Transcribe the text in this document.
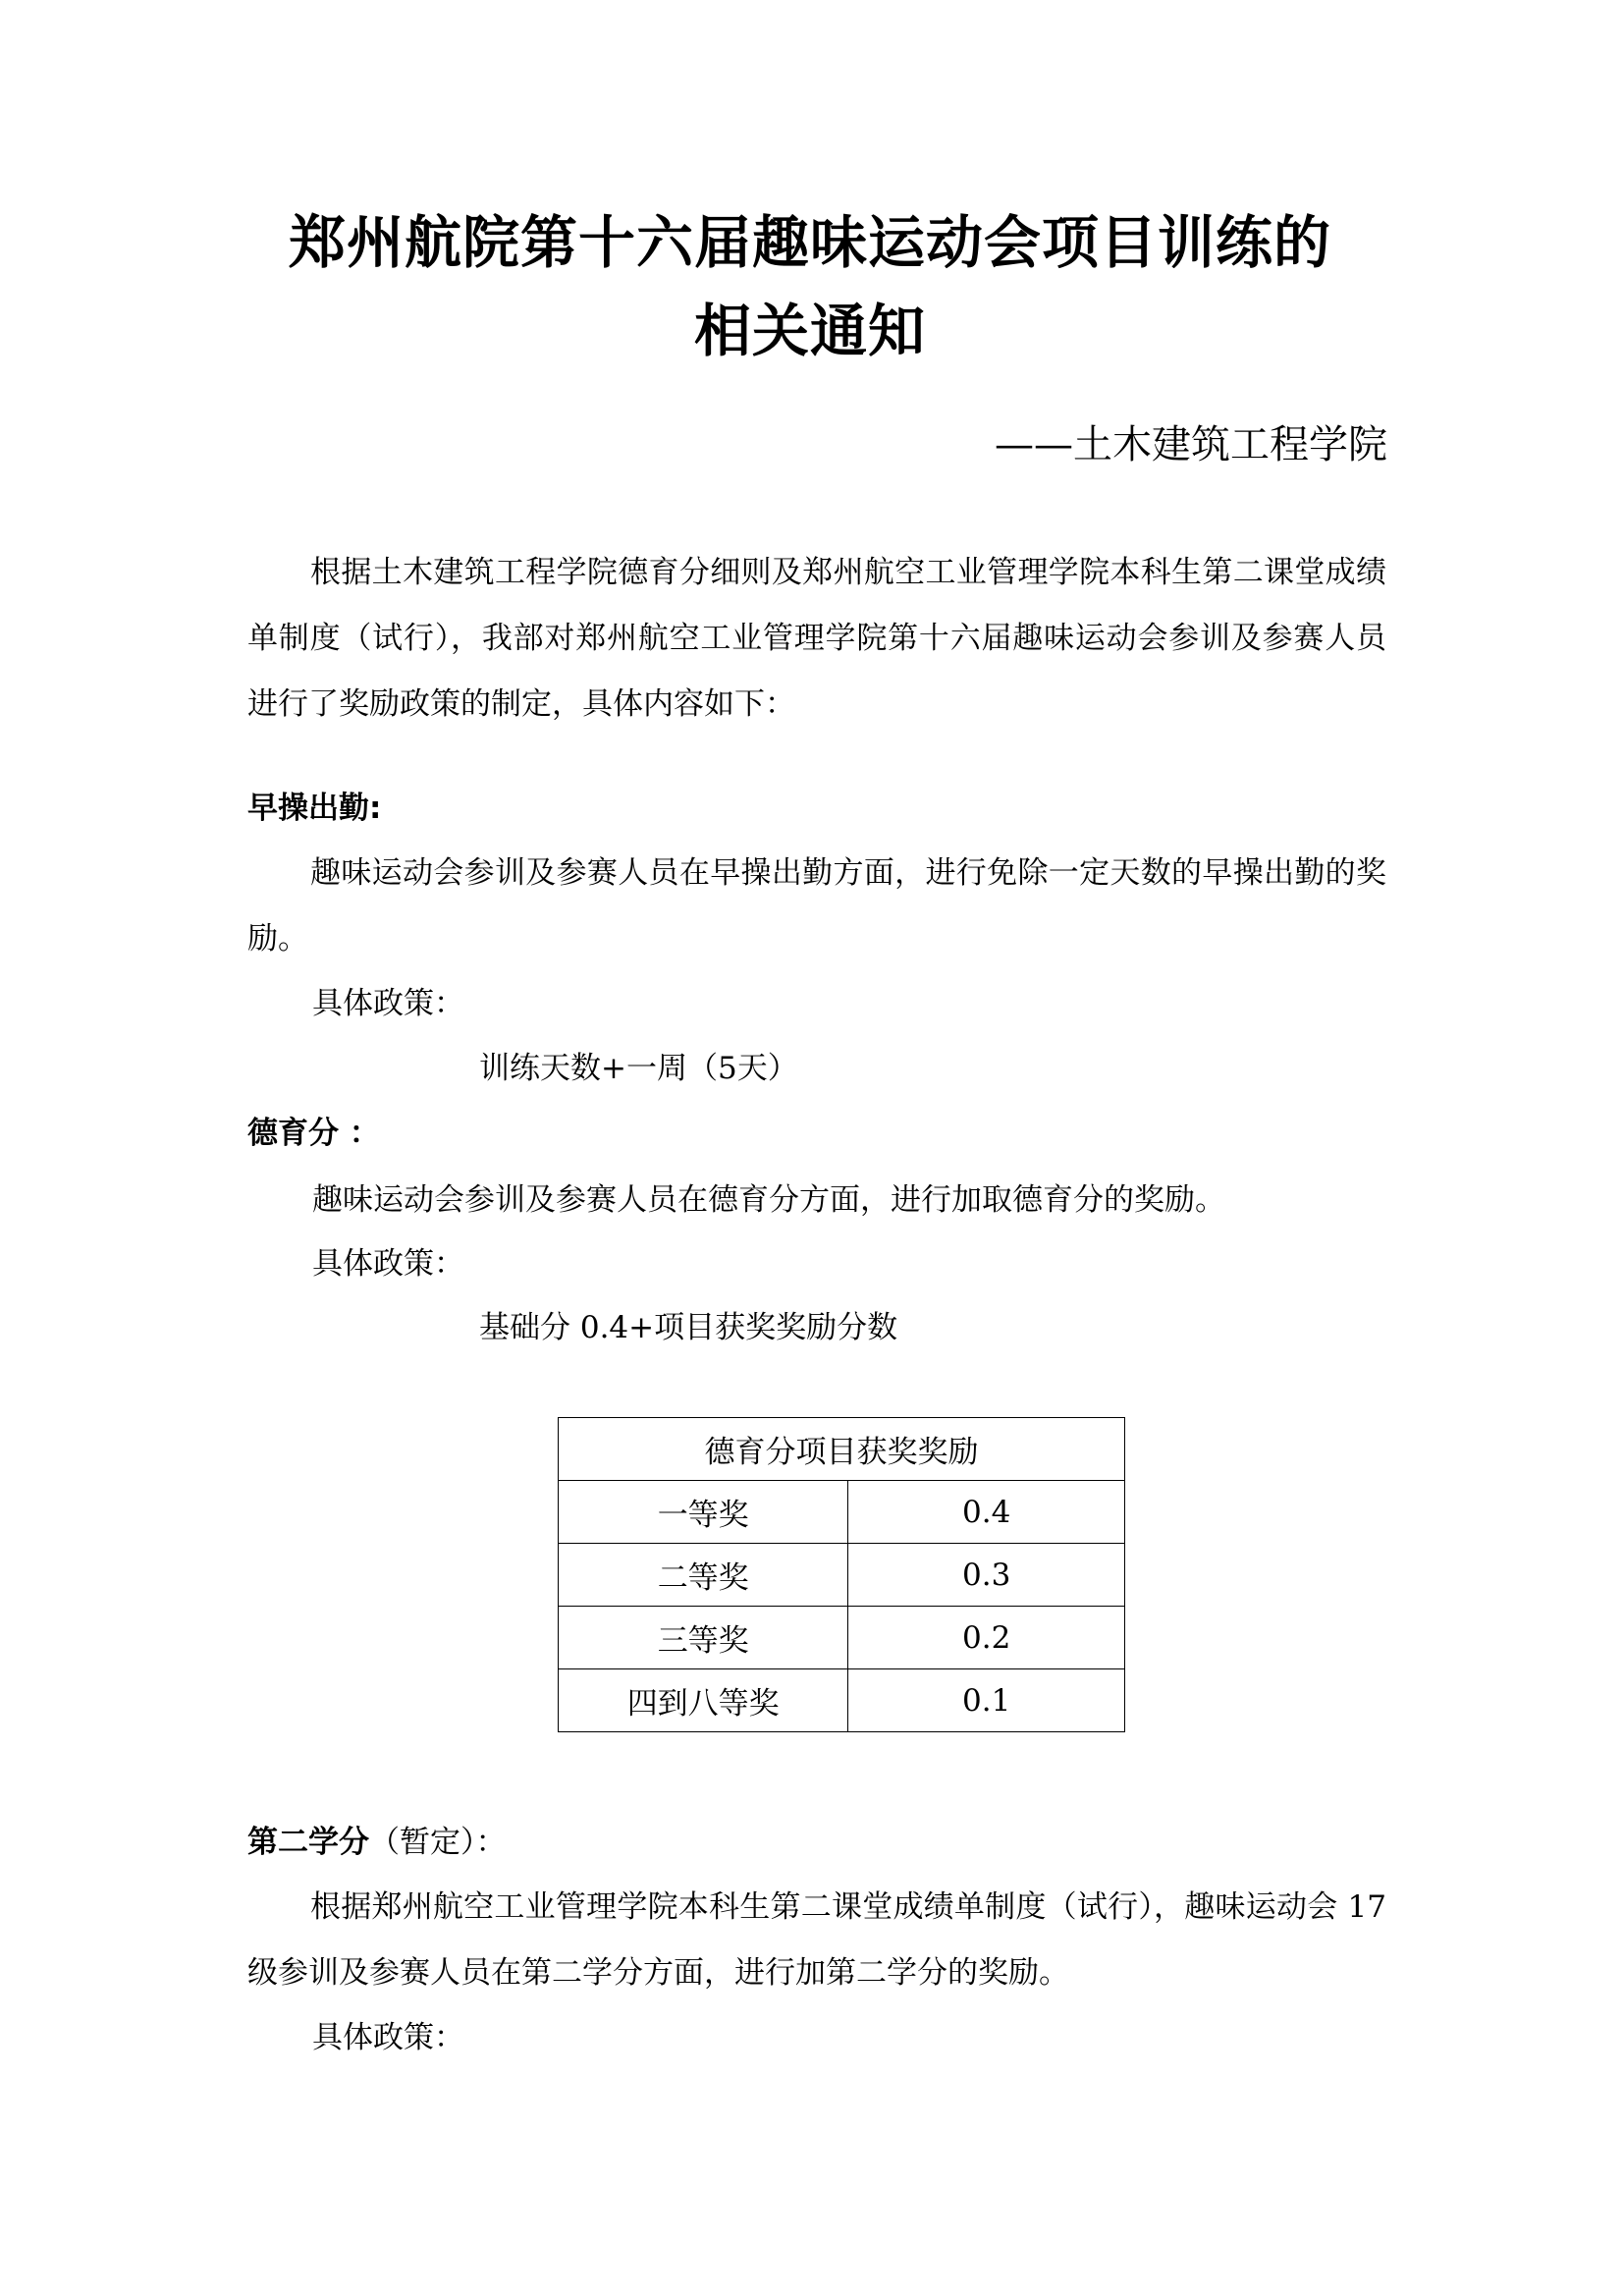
郑州航院第十六届趣味运动会项目训练的
相关通知
——土木建筑工程学院

根据土木建筑工程学院德育分细则及郑州航空工业管理学院本科生第二课堂成绩单制度（试行），我部对郑州航空工业管理学院第十六届趣味运动会参训及参赛人员进行了奖励政策的制定，具体内容如下：

早操出勤:

趣味运动会参训及参赛人员在早操出勤方面，进行免除一定天数的早操出勤的奖励。

具体政策：
训练天数+一周（5天）
德育分 ：
趣味运动会参训及参赛人员在德育分方面，进行加取德育分的奖励。
具体政策：
基础分 0.4+项目获奖奖励分数
德育分项目获奖奖励	
一等奖	0.4
二等奖	0.3
三等奖	0.2
四到八等奖	0.1
第二学分（暂定）：

根据郑州航空工业管理学院本科生第二课堂成绩单制度（试行），趣味运动会 17 级参训及参赛人员在第二学分方面，进行加第二学分的奖励。

具体政策：
